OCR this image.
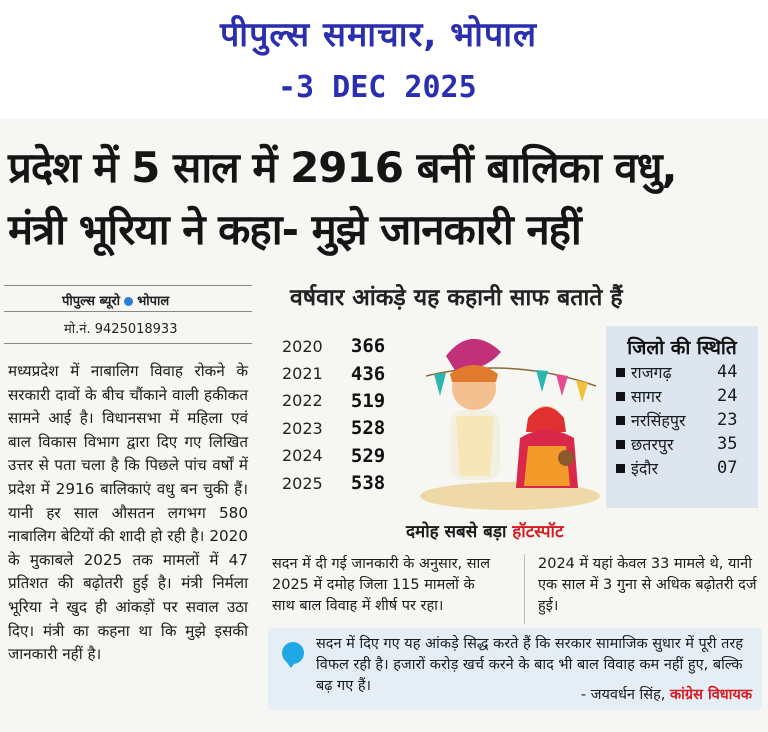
पीपुल्स समाचार, भोपाल
-3 DEC 2025
प्रदेश में 5 साल में 2916 बनीं बालिका वधु,
मंत्री भूरिया ने कहा- मुझे जानकारी नहीं
पीपुल्स ब्यूरो भोपाल
मो.नं. 9425018933
मध्यप्रदेश में नाबालिग विवाह रोकने के सरकारी दावों के बीच चौंकाने वाली हकीकत सामने आई है। विधानसभा में महिला एवं बाल विकास विभाग द्वारा दिए गए लिखित उत्तर से पता चला है कि पिछले पांच वर्षों में प्रदेश में 2916 बालिकाएं वधु बन चुकी हैं। यानी हर साल औसतन लगभग 580 नाबालिग बेटियों की शादी हो रही है। 2020 के मुकाबले 2025 तक मामलों में 47 प्रतिशत की बढ़ोतरी हुई है। मंत्री निर्मला भूरिया ने खुद ही आंकड़ों पर सवाल उठा दिए। मंत्री का कहना था कि मुझे इसकी जानकारी नहीं है।
वर्षवार आंकड़े यह कहानी साफ बताते हैं
2020	366
2021	436
2022	519
2023	528
2024	529
2025	538
जिलो की स्थिति
राजगढ़	44
सागर	24
नरसिंहपुर	23
छतरपुर	35
इंदौर	07
दमोह सबसे बड़ा हॉटस्पॉट
सदन में दी गई जानकारी के अनुसार, साल 2025 में दमोह जिला 115 मामलों के साथ बाल विवाह में शीर्ष पर रहा।
2024 में यहां केवल 33 मामले थे, यानी एक साल में 3 गुना से अधिक बढ़ोतरी दर्ज हुई।
सदन में दिए गए यह आंकड़े सिद्ध करते हैं कि सरकार सामाजिक सुधार में पूरी तरह विफल रही है। हजारों करोड़ खर्च करने के बाद भी बाल विवाह कम नहीं हुए, बल्कि बढ़ गए हैं।
- जयवर्धन सिंह, कांग्रेस विधायक
